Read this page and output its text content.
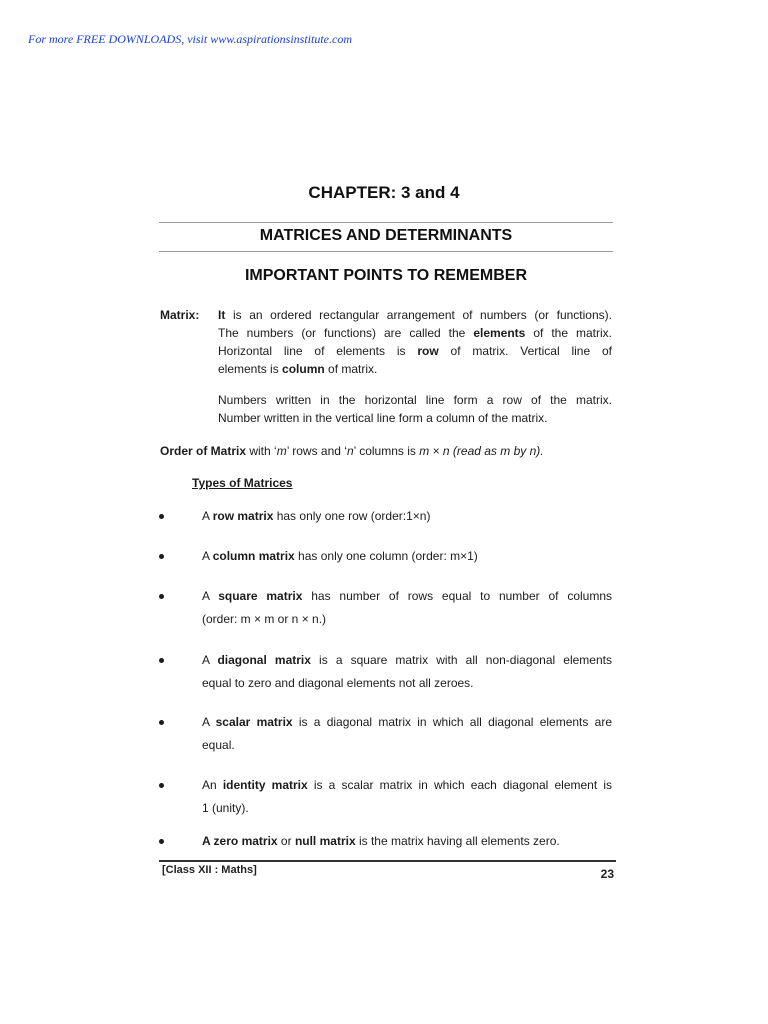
For more FREE DOWNLOADS, visit www.aspirationsinstitute.com
CHAPTER: 3 and 4
MATRICES AND DETERMINANTS
IMPORTANT POINTS TO REMEMBER
Matrix: It is an ordered rectangular arrangement of numbers (or functions).
The numbers (or functions) are called the elements of the matrix.
Horizontal line of elements is row of matrix. Vertical line of
elements is column of matrix.
Numbers written in the horizontal line form a row of the matrix.
Number written in the vertical line form a column of the matrix.
Order of Matrix with ‘m’ rows and ‘n’ columns is m × n (read as m by n).
Types of Matrices
A row matrix has only one row (order:1×n)
A column matrix has only one column (order: m×1)
A square matrix has number of rows equal to number of columns
(order: m × m or n × n.)
A diagonal matrix is a square matrix with all non-diagonal elements
equal to zero and diagonal elements not all zeroes.
A scalar matrix is a diagonal matrix in which all diagonal elements are
equal.
An identity matrix is a scalar matrix in which each diagonal element is
1 (unity).
A zero matrix or null matrix is the matrix having all elements zero.
[Class XII : Maths]	23
